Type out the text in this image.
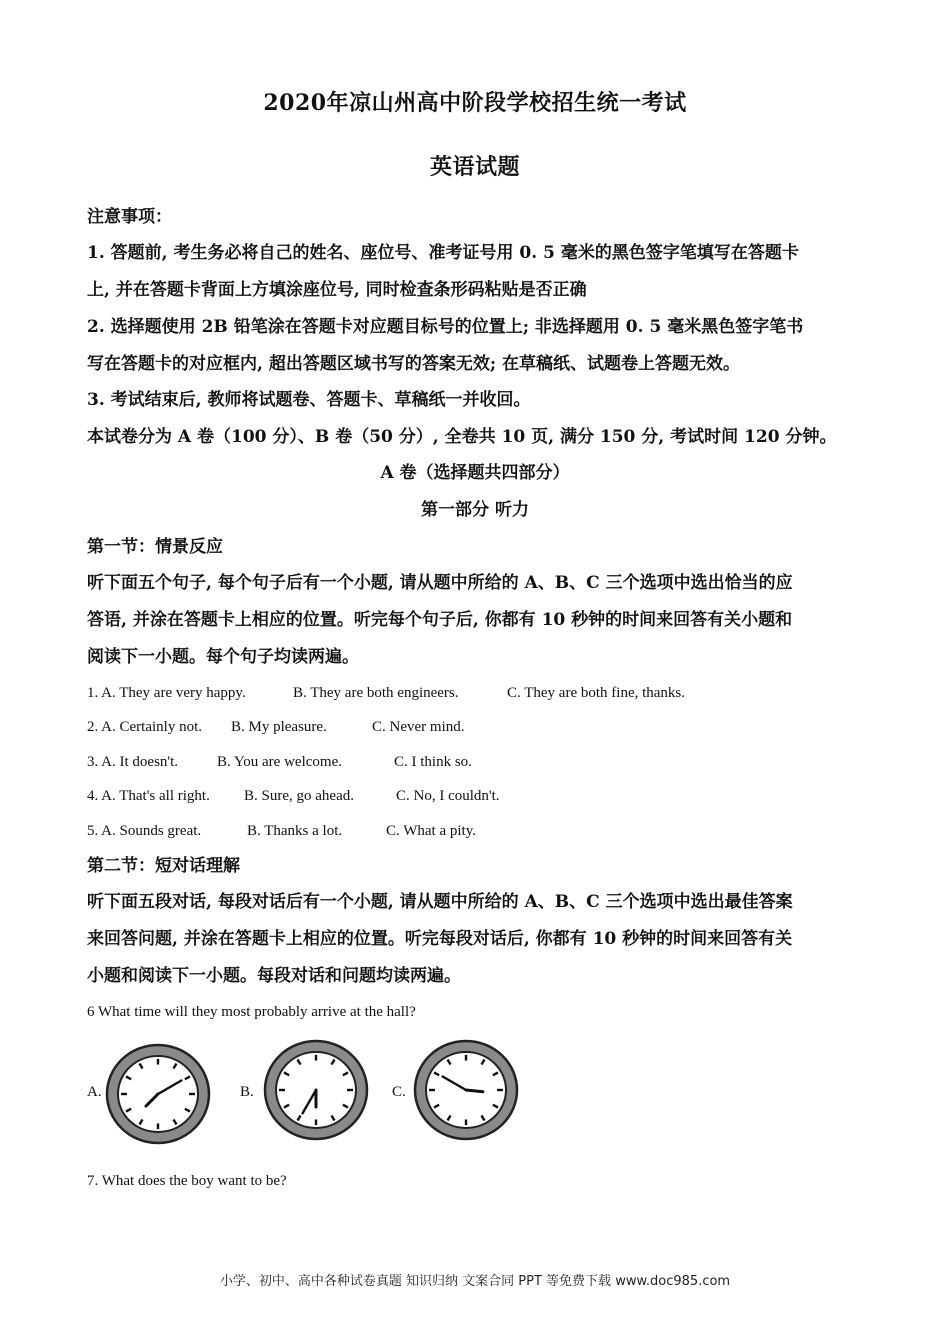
2020年凉山州高中阶段学校招生统一考试
英语试题
注意事项：
1. 答题前, 考生务必将自己的姓名、座位号、准考证号用 0. 5 毫米的黑色签字笔填写在答题卡
上, 并在答题卡背面上方填涂座位号, 同时检查条形码粘贴是否正确
2. 选择题使用 2B 铅笔涂在答题卡对应题目标号的位置上; 非选择题用 0. 5 毫米黑色签字笔书
写在答题卡的对应框内, 超出答题区域书写的答案无效; 在草稿纸、试题卷上答题无效。
3. 考试结束后, 教师将试题卷、答题卡、草稿纸一并收回。
本试卷分为 A 卷（100 分）、B 卷（50 分）, 全卷共 10 页, 满分 150 分, 考试时间 120 分钟。
A 卷（选择题共四部分）
第一部分 听力
第一节：情景反应
听下面五个句子, 每个句子后有一个小题, 请从题中所给的 A、B、C 三个选项中选出恰当的应
答语, 并涂在答题卡上相应的位置。听完每个句子后, 你都有 10 秒钟的时间来回答有关小题和
阅读下一小题。每个句子均读两遍。
1. A. They are very happy.	B. They are both engineers.	C. They are both fine, thanks.
2. A. Certainly not. B. My pleasure.	C. Never mind.
3. A. It doesn't.	B. You are welcome.	C. I think so.
4. A. That's all right. B. Sure, go ahead.	C. No, I couldn't.
5. A. Sounds great.	B. Thanks a lot.	C. What a pity.
第二节：短对话理解
听下面五段对话, 每段对话后有一个小题, 请从题中所给的 A、B、C 三个选项中选出最佳答案
来回答问题, 并涂在答题卡上相应的位置。听完每段对话后, 你都有 10 秒钟的时间来回答有关
小题和阅读下一小题。每段对话和问题均读两遍。
6 What time will they most probably arrive at the hall?
A.	B.	C.
7. What does the boy want to be?
小学、初中、高中各种试卷真题 知识归纳 文案合同 PPT 等免费下载 www.doc985.com
